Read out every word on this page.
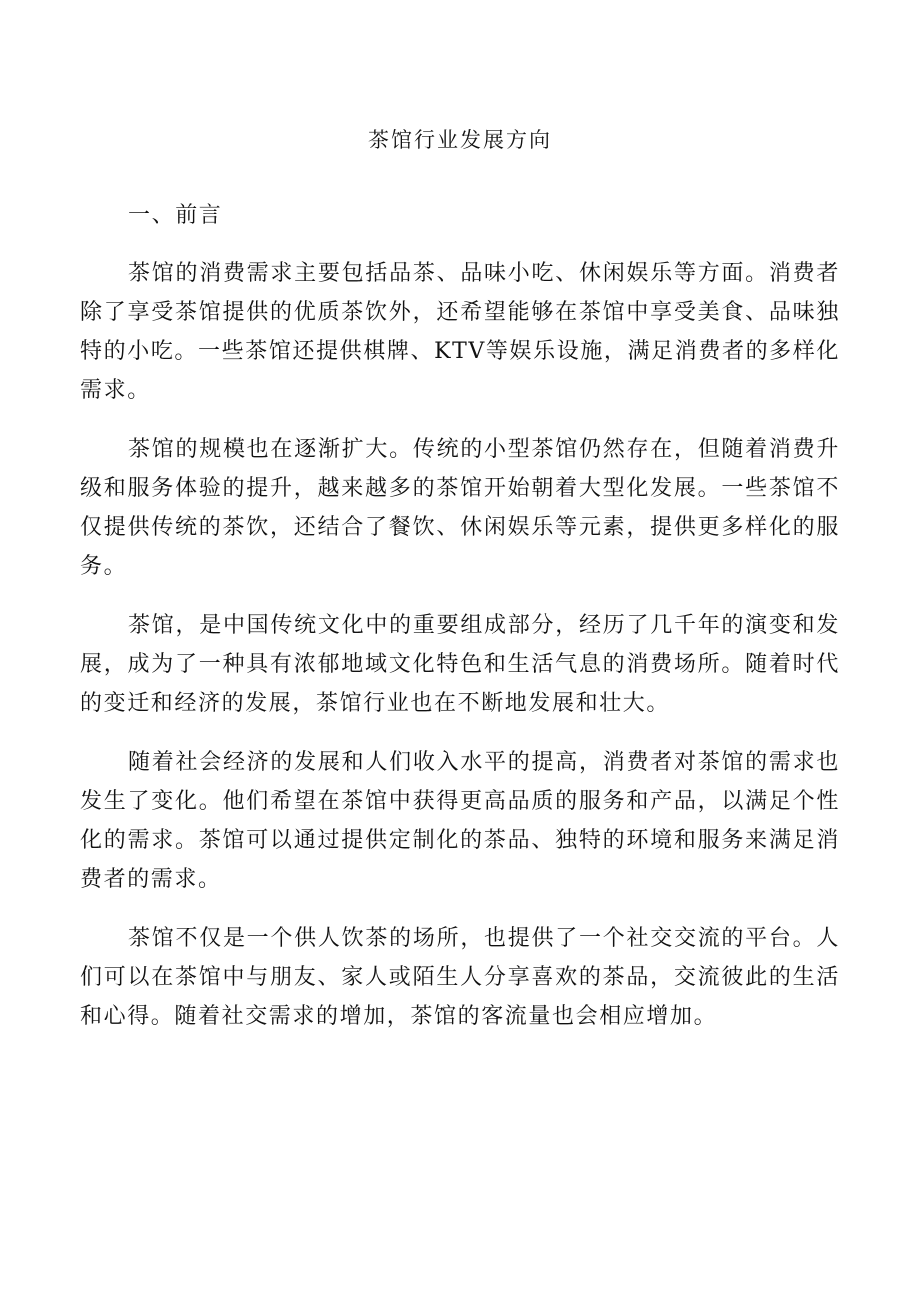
茶馆行业发展方向

一、前言

茶馆的消费需求主要包括品茶、品味小吃、休闲娱乐等方面。消费者除了享受茶馆提供的优质茶饮外，还希望能够在茶馆中享受美食、品味独特的小吃。一些茶馆还提供棋牌、KTV等娱乐设施，满足消费者的多样化需求。

茶馆的规模也在逐渐扩大。传统的小型茶馆仍然存在，但随着消费升级和服务体验的提升，越来越多的茶馆开始朝着大型化发展。一些茶馆不仅提供传统的茶饮，还结合了餐饮、休闲娱乐等元素，提供更多样化的服务。

茶馆，是中国传统文化中的重要组成部分，经历了几千年的演变和发展，成为了一种具有浓郁地域文化特色和生活气息的消费场所。随着时代的变迁和经济的发展，茶馆行业也在不断地发展和壮大。

随着社会经济的发展和人们收入水平的提高，消费者对茶馆的需求也发生了变化。他们希望在茶馆中获得更高品质的服务和产品，以满足个性化的需求。茶馆可以通过提供定制化的茶品、独特的环境和服务来满足消费者的需求。

茶馆不仅是一个供人饮茶的场所，也提供了一个社交交流的平台。人们可以在茶馆中与朋友、家人或陌生人分享喜欢的茶品，交流彼此的生活和心得。随着社交需求的增加，茶馆的客流量也会相应增加。
